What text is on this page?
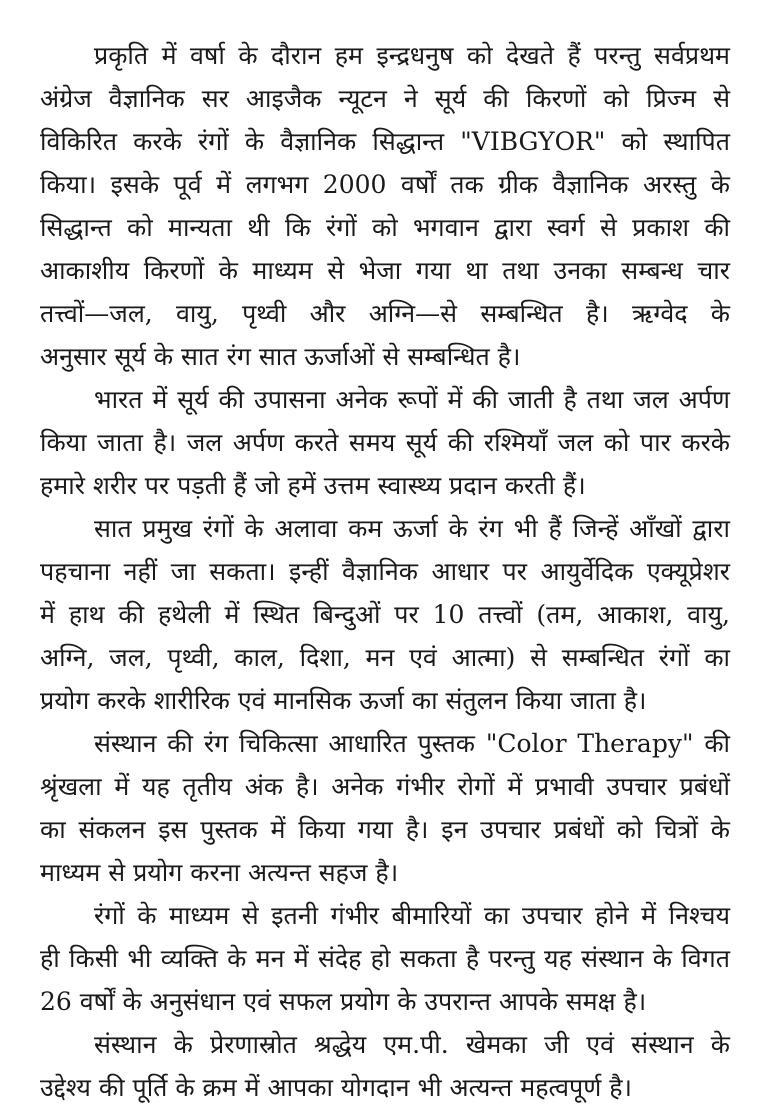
प्रकृति में वर्षा के दौरान हम इन्द्रधनुष को देखते हैं परन्तु सर्वप्रथम
अंग्रेज वैज्ञानिक सर आइजैक न्यूटन ने सूर्य की किरणों को प्रिज्म से
विकिरित करके रंगों के वैज्ञानिक सिद्धान्त "VIBGYOR" को स्थापित
किया। इसके पूर्व में लगभग 2000 वर्षों तक ग्रीक वैज्ञानिक अरस्तु के
सिद्धान्त को मान्यता थी कि रंगों को भगवान द्वारा स्वर्ग से प्रकाश की
आकाशीय किरणों के माध्यम से भेजा गया था तथा उनका सम्बन्ध चार
तत्त्वों—जल, वायु, पृथ्वी और अग्नि—से सम्बन्धित है। ऋग्वेद के
अनुसार सूर्य के सात रंग सात ऊर्जाओं से सम्बन्धित है।

भारत में सूर्य की उपासना अनेक रूपों में की जाती है तथा जल अर्पण
किया जाता है। जल अर्पण करते समय सूर्य की रश्मियाँ जल को पार करके
हमारे शरीर पर पड़ती हैं जो हमें उत्तम स्वास्थ्य प्रदान करती हैं।

सात प्रमुख रंगों के अलावा कम ऊर्जा के रंग भी हैं जिन्हें आँखों द्वारा
पहचाना नहीं जा सकता। इन्हीं वैज्ञानिक आधार पर आयुर्वेदिक एक्यूप्रेशर
में हाथ की हथेली में स्थित बिन्दुओं पर 10 तत्त्वों (तम, आकाश, वायु,
अग्नि, जल, पृथ्वी, काल, दिशा, मन एवं आत्मा) से सम्बन्धित रंगों का
प्रयोग करके शारीरिक एवं मानसिक ऊर्जा का संतुलन किया जाता है।

संस्थान की रंग चिकित्सा आधारित पुस्तक "Color Therapy" की
श्रृंखला में यह तृतीय अंक है। अनेक गंभीर रोगों में प्रभावी उपचार प्रबंधों
का संकलन इस पुस्तक में किया गया है। इन उपचार प्रबंधों को चित्रों के
माध्यम से प्रयोग करना अत्यन्त सहज है।

रंगों के माध्यम से इतनी गंभीर बीमारियों का उपचार होने में निश्चय
ही किसी भी व्यक्ति के मन में संदेह हो सकता है परन्तु यह संस्थान के विगत
26 वर्षों के अनुसंधान एवं सफल प्रयोग के उपरान्त आपके समक्ष है।

संस्थान के प्रेरणास्रोत श्रद्धेय एम.पी. खेमका जी एवं संस्थान के
उद्देश्य की पूर्ति के क्रम में आपका योगदान भी अत्यन्त महत्वपूर्ण है।
